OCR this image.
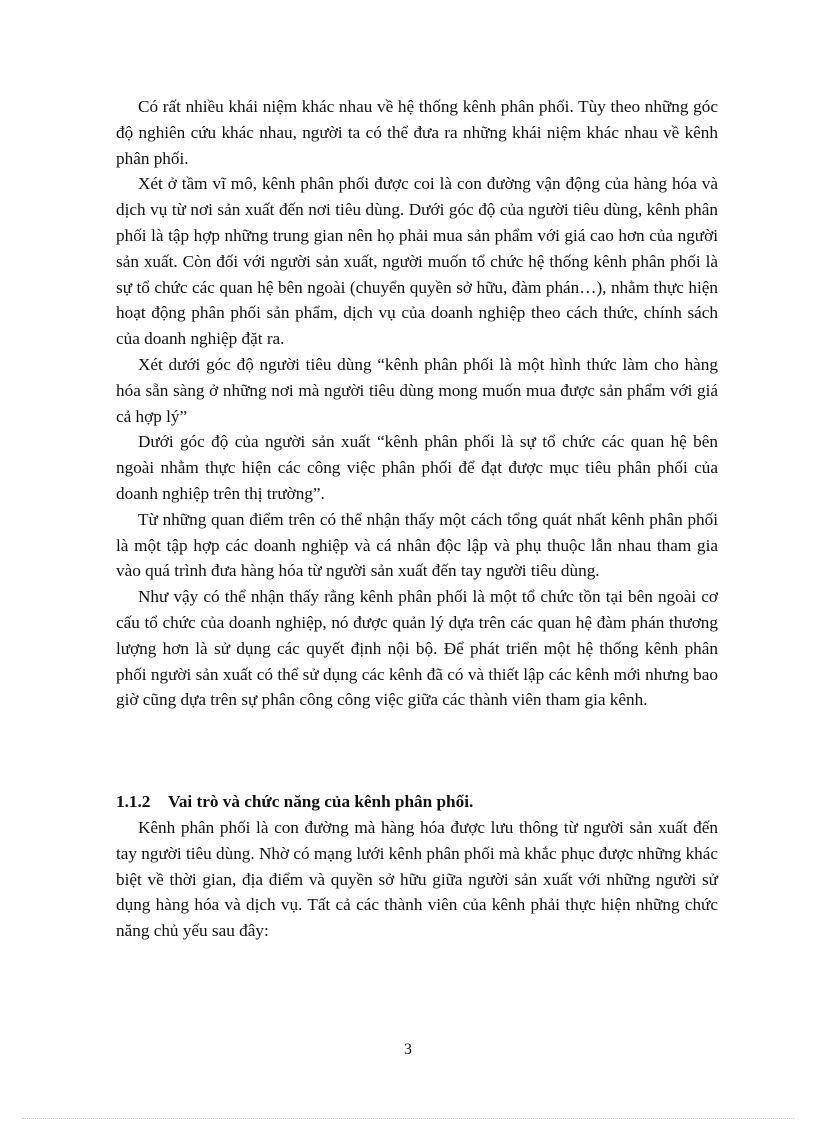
Có rất nhiều khái niệm khác nhau về hệ thống kênh phân phối. Tùy theo những góc độ nghiên cứu khác nhau, người ta có thể đưa ra những khái niệm khác nhau về kênh phân phối.

Xét ở tầm vĩ mô, kênh phân phối được coi là con đường vận động của hàng hóa và dịch vụ từ nơi sản xuất đến nơi tiêu dùng. Dưới góc độ của người tiêu dùng, kênh phân phối là tập hợp những trung gian nên họ phải mua sản phẩm với giá cao hơn của người sản xuất. Còn đối với người sản xuất, người muốn tổ chức hệ thống kênh phân phối là sự tổ chức các quan hệ bên ngoài (chuyển quyền sở hữu, đàm phán…), nhằm thực hiện hoạt động phân phối sản phẩm, dịch vụ của doanh nghiệp theo cách thức, chính sách của doanh nghiệp đặt ra.

Xét dưới góc độ người tiêu dùng “kênh phân phối là một hình thức làm cho hàng hóa sẵn sàng ở những nơi mà người tiêu dùng mong muốn mua được sản phẩm với giá cả hợp lý”

Dưới góc độ của người sản xuất “kênh phân phối là sự tổ chức các quan hệ bên ngoài nhằm thực hiện các công việc phân phối để đạt được mục tiêu phân phối của doanh nghiệp trên thị trường”.

Từ những quan điểm trên có thể nhận thấy một cách tổng quát nhất kênh phân phối là một tập hợp các doanh nghiệp và cá nhân độc lập và phụ thuộc lẫn nhau tham gia vào quá trình đưa hàng hóa từ người sản xuất đến tay người tiêu dùng.

Như vậy có thể nhận thấy rằng kênh phân phối là một tổ chức tồn tại bên ngoài cơ cấu tổ chức của doanh nghiệp, nó được quản lý dựa trên các quan hệ đàm phán thương lượng hơn là sử dụng các quyết định nội bộ. Để phát triển một hệ thống kênh phân phối người sản xuất có thể sử dụng các kênh đã có và thiết lập các kênh mới nhưng bao giờ cũng dựa trên sự phân công công việc giữa các thành viên tham gia kênh.

1.1.2 Vai trò và chức năng của kênh phân phối.

Kênh phân phối là con đường mà hàng hóa được lưu thông từ người sản xuất đến tay người tiêu dùng. Nhờ có mạng lưới kênh phân phối mà khắc phục được những khác biệt về thời gian, địa điểm và quyền sở hữu giữa người sản xuất với những người sử dụng hàng hóa và dịch vụ. Tất cả các thành viên của kênh phải thực hiện những chức năng chủ yếu sau đây:

3
